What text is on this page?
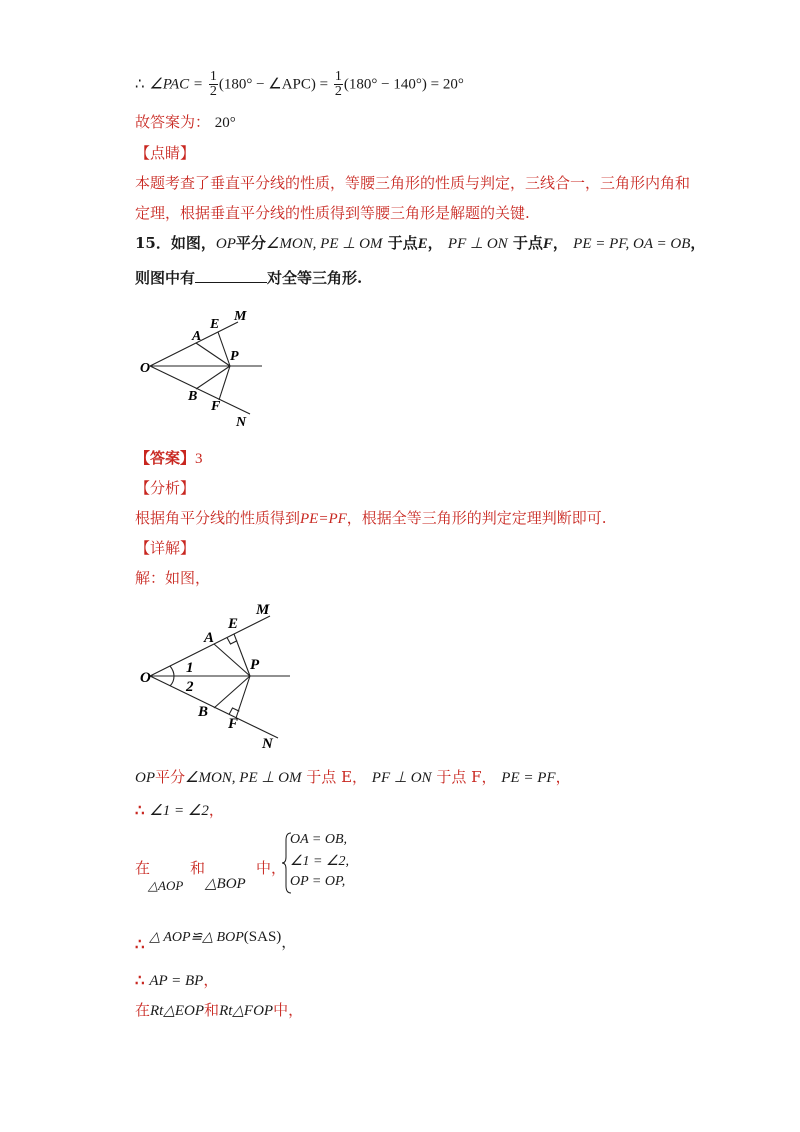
∴ ∠PAC = $\frac{1}{2} (180^\circ$ − ∠APC) = $\frac{1}{2} (180^\circ - 140^\circ) = 20^\circ$
故答案为： 20°
【点睛】
本题考查了垂直平分线的性质，等腰三角形的性质与判定，三线合一，三角形内角和
定理，根据垂直平分线的性质得到等腰三角形是解题的关键.
15．如图，OP平分∠MON, PE ⊥ OM 于点E， PF ⊥ ON 于点F， PE = PF, OA = OB，
则图中有	对全等三角形.
O
A
E
M
P
B
F
N
【答案】3
【分析】
根据角平分线的性质得到PE=PF，根据全等三角形的判定定理判断即可.
【详解】
解：如图，
O
A
E
M
P
B
F
N
1
2
OP平分∠MON, PE ⊥ OM 于点 E， PF ⊥ ON 于点 F， PE = PF，
∴ ∠1 = ∠2，
在
△AOP
和
△BOP
中，
OA = OB,
∠1 = ∠2,
OP = OP,
∴ △ AOP≌△ BOP(SAS)，
∴ AP = BP，
在Rt△EOP和Rt△FOP中，
